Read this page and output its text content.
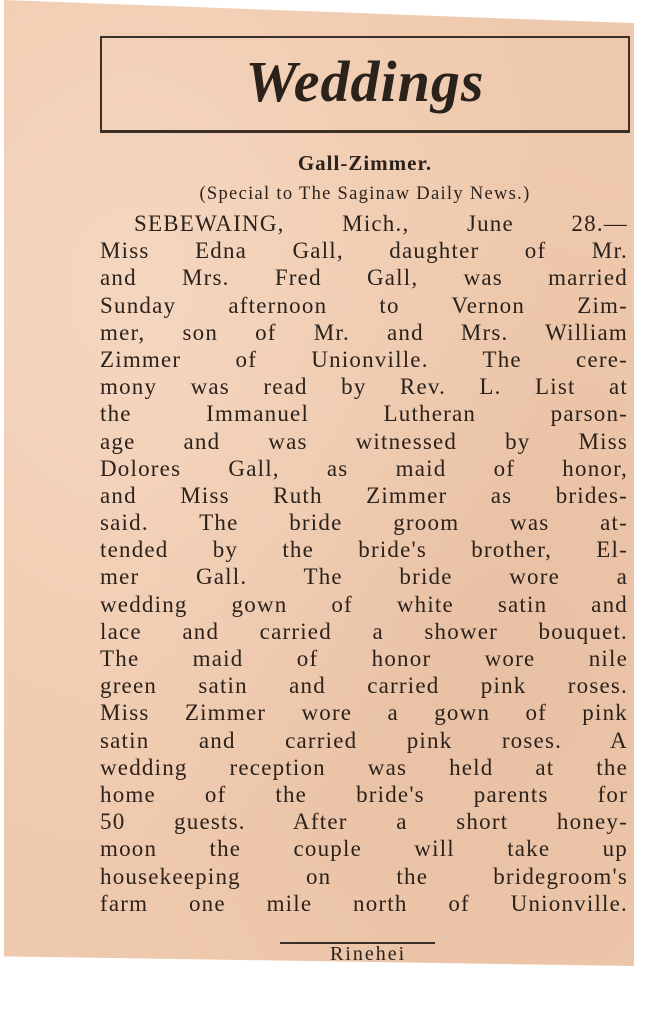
Weddings
Gall-Zimmer.
(Special to The Saginaw Daily News.)
SEBEWAING, Mich., June 28.—
Miss Edna Gall, daughter of Mr.
and Mrs. Fred Gall, was married
Sunday afternoon to Vernon Zim-
mer, son of Mr. and Mrs. William
Zimmer of Unionville. The cere-
mony was read by Rev. L. List at
the Immanuel Lutheran parson-
age and was witnessed by Miss
Dolores Gall, as maid of honor,
and Miss Ruth Zimmer as brides-
said. The bride groom was at-
tended by the bride's brother, El-
mer Gall. The bride wore a
wedding gown of white satin and
lace and carried a shower bouquet.
The maid of honor wore nile
green satin and carried pink roses.
Miss Zimmer wore a gown of pink
satin and carried pink roses. A
wedding reception was held at the
home of the bride's parents for
50 guests. After a short honey-
moon the couple will take up
housekeeping on the bridegroom's
farm one mile north of Unionville.
Rinehei
